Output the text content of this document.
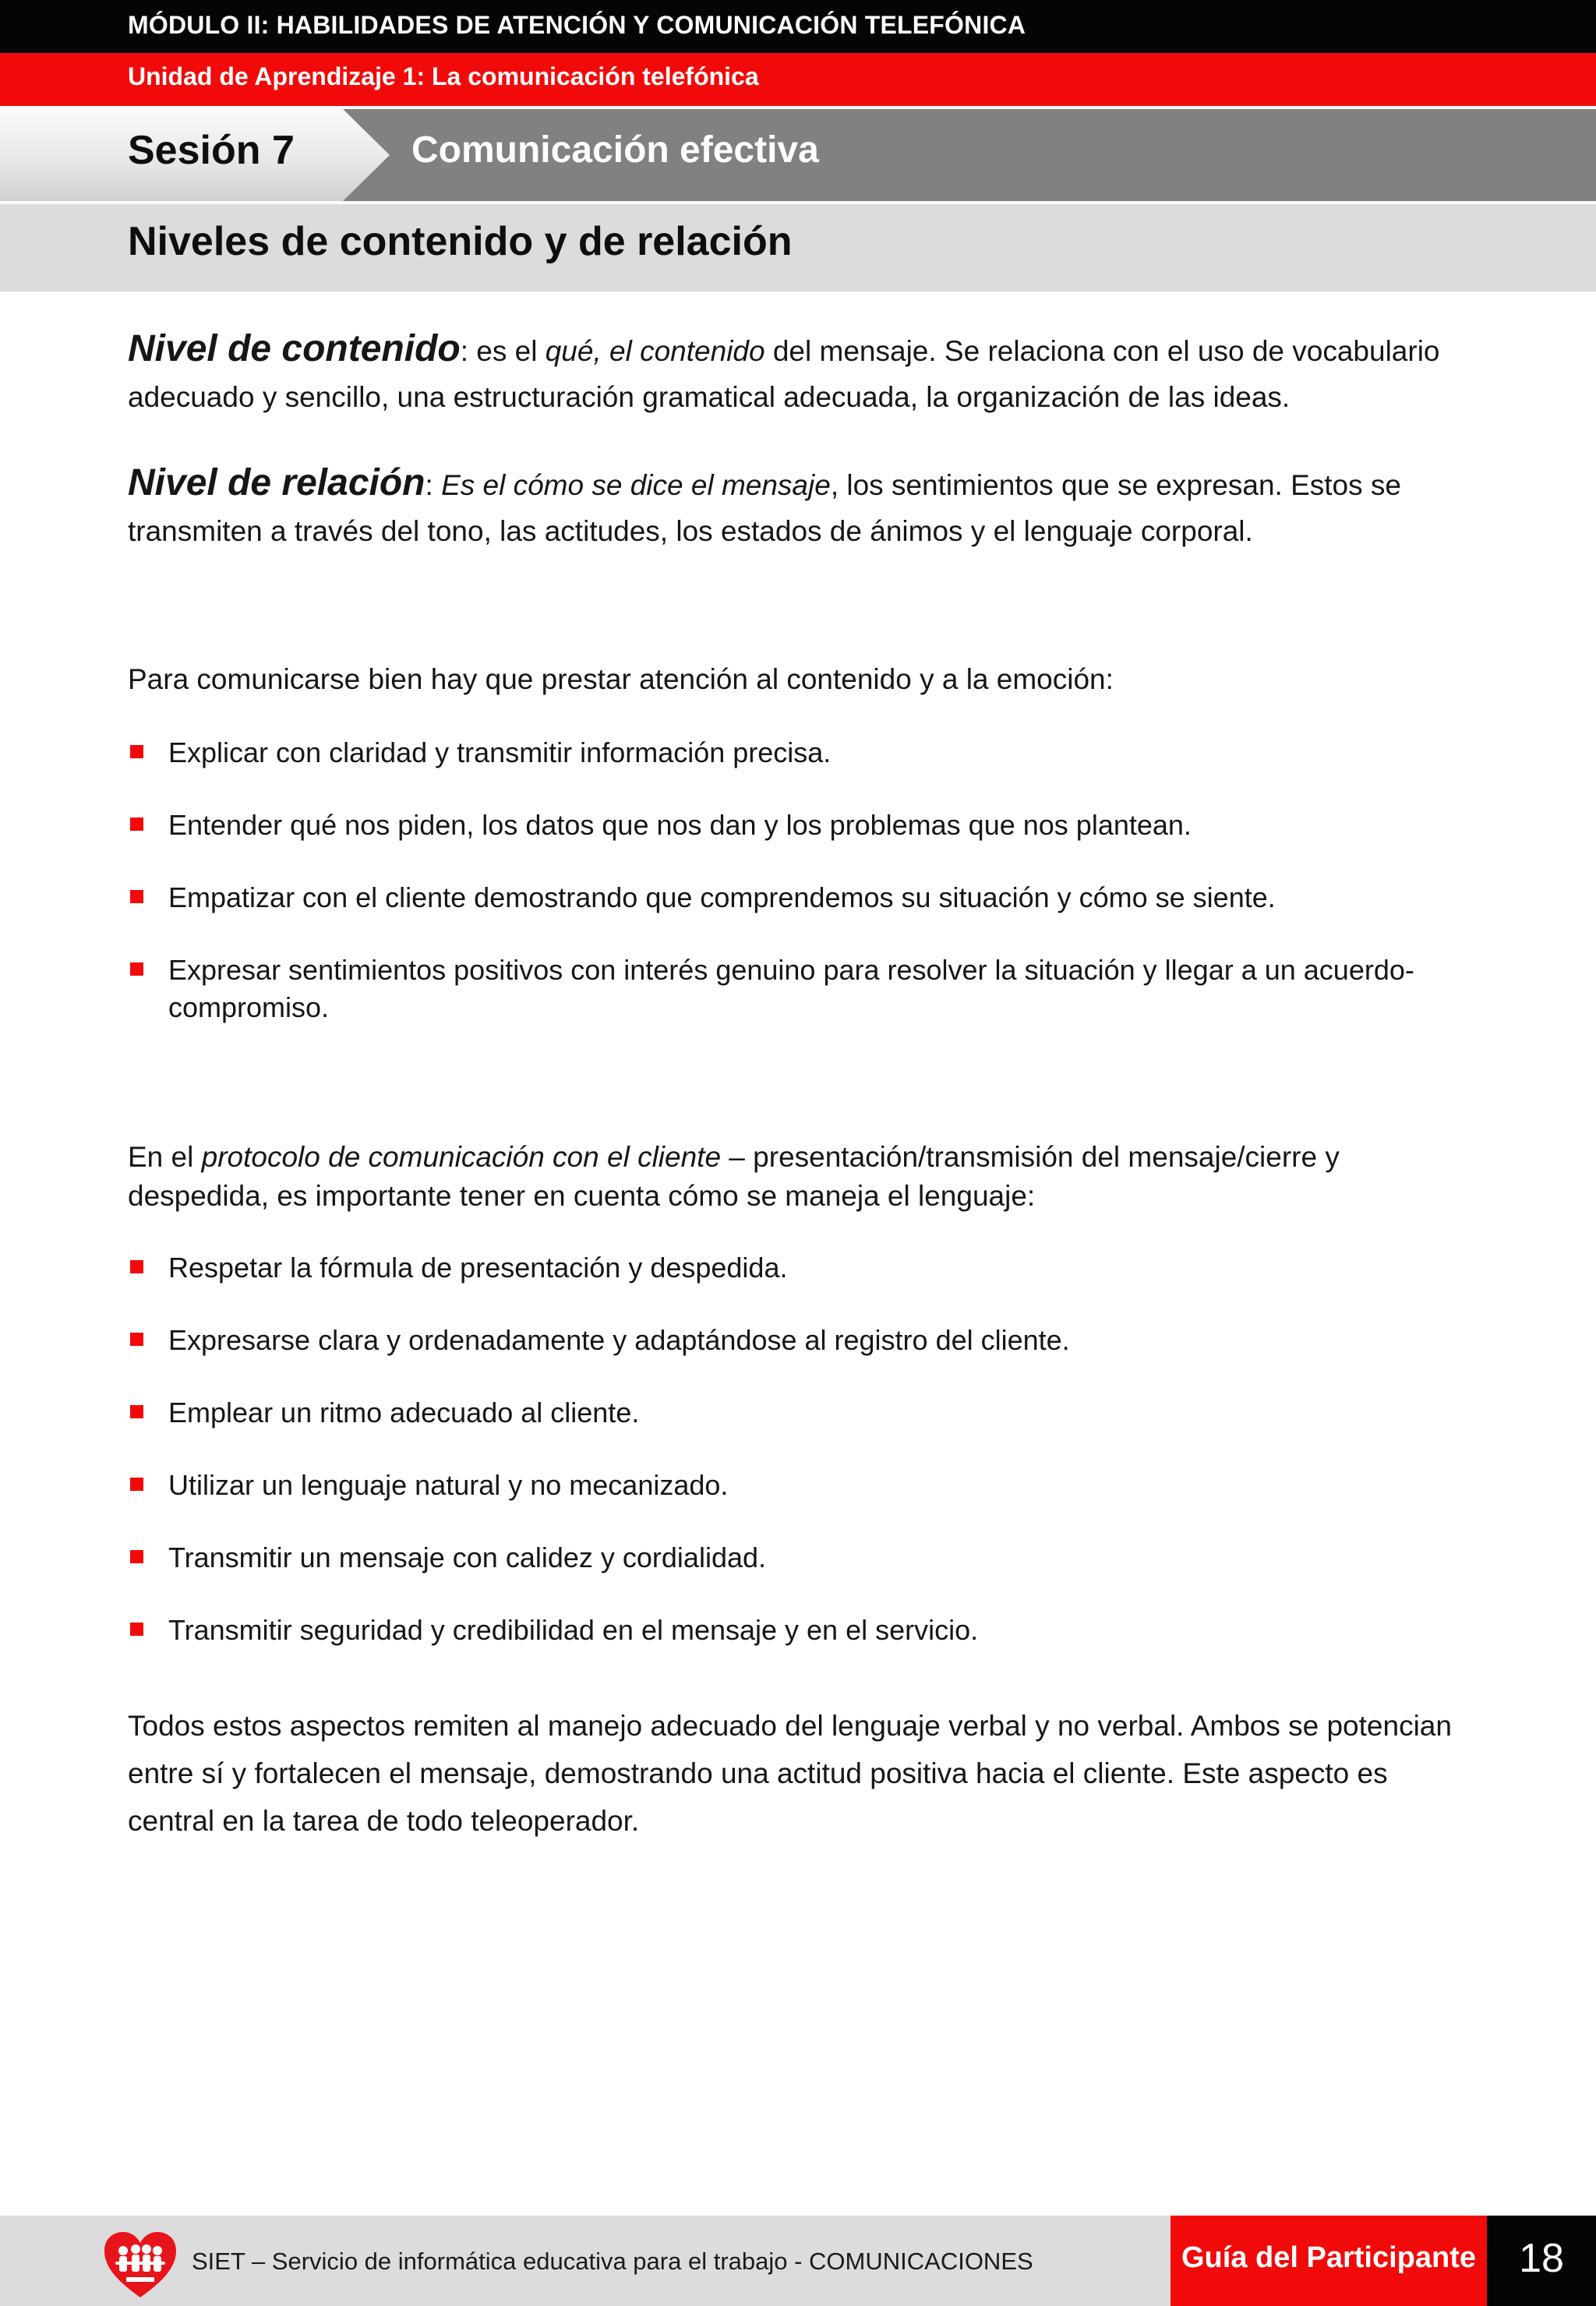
MÓDULO II: HABILIDADES DE ATENCIÓN Y COMUNICACIÓN TELEFÓNICA
Unidad de Aprendizaje 1: La comunicación telefónica
Sesión 7	Comunicación efectiva
Niveles de contenido y de relación
Nivel de contenido: es el qué, el contenido del mensaje. Se relaciona con el uso de vocabulario adecuado y sencillo, una estructuración gramatical adecuada, la organización de las ideas.
Nivel de relación: Es el cómo se dice el mensaje, los sentimientos que se expresan. Estos se transmiten a través del tono, las actitudes, los estados de ánimos y el lenguaje corporal.
Para comunicarse bien hay que prestar atención al contenido y a la emoción:
Explicar con claridad y transmitir información precisa.
Entender qué nos piden, los datos que nos dan y los problemas que nos plantean.
Empatizar con el cliente demostrando que comprendemos su situación y cómo se siente.
Expresar sentimientos positivos con interés genuino para resolver la situación y llegar a un acuerdo-compromiso.
En el protocolo de comunicación con el cliente – presentación/transmisión del mensaje/cierre y despedida, es importante tener en cuenta cómo se maneja el lenguaje:
Respetar la fórmula de presentación y despedida.
Expresarse clara y ordenadamente y adaptándose al registro del cliente.
Emplear un ritmo adecuado al cliente.
Utilizar un lenguaje natural y no mecanizado.
Transmitir un mensaje con calidez y cordialidad.
Transmitir seguridad y credibilidad en el mensaje y en el servicio.
Todos estos aspectos remiten al manejo adecuado del lenguaje verbal y no verbal. Ambos se potencian entre sí y fortalecen el mensaje, demostrando una actitud positiva hacia el cliente. Este aspecto es central en la tarea de todo teleoperador.
SIET – Servicio de informática educativa para el trabajo - COMUNICACIONES	Guía del Participante	18
